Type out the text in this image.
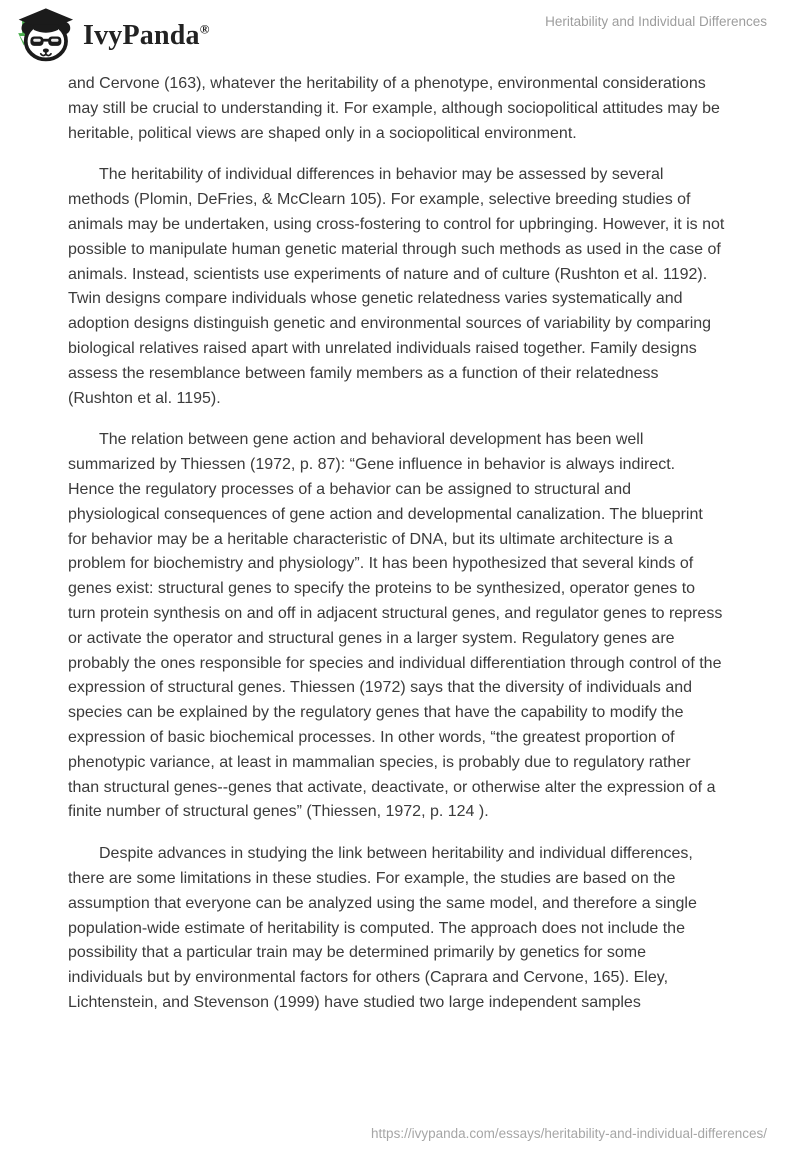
IvyPanda®	Heritability and Individual Differences

and Cervone (163), whatever the heritability of a phenotype, environmental considerations may still be crucial to understanding it. For example, although sociopolitical attitudes may be heritable, political views are shaped only in a sociopolitical environment.

The heritability of individual differences in behavior may be assessed by several methods (Plomin, DeFries, & McClearn 105). For example, selective breeding studies of animals may be undertaken, using cross-fostering to control for upbringing. However, it is not possible to manipulate human genetic material through such methods as used in the case of animals. Instead, scientists use experiments of nature and of culture (Rushton et al. 1192). Twin designs compare individuals whose genetic relatedness varies systematically and adoption designs distinguish genetic and environmental sources of variability by comparing biological relatives raised apart with unrelated individuals raised together. Family designs assess the resemblance between family members as a function of their relatedness (Rushton et al. 1195).

The relation between gene action and behavioral development has been well summarized by Thiessen (1972, p. 87): “Gene influence in behavior is always indirect. Hence the regulatory processes of a behavior can be assigned to structural and physiological consequences of gene action and developmental canalization. The blueprint for behavior may be a heritable characteristic of DNA, but its ultimate architecture is a problem for biochemistry and physiology”. It has been hypothesized that several kinds of genes exist: structural genes to specify the proteins to be synthesized, operator genes to turn protein synthesis on and off in adjacent structural genes, and regulator genes to repress or activate the operator and structural genes in a larger system. Regulatory genes are probably the ones responsible for species and individual differentiation through control of the expression of structural genes. Thiessen (1972) says that the diversity of individuals and species can be explained by the regulatory genes that have the capability to modify the expression of basic biochemical processes. In other words, “the greatest proportion of phenotypic variance, at least in mammalian species, is probably due to regulatory rather than structural genes--genes that activate, deactivate, or otherwise alter the expression of a finite number of structural genes” (Thiessen, 1972, p. 124 ).

Despite advances in studying the link between heritability and individual differences, there are some limitations in these studies. For example, the studies are based on the assumption that everyone can be analyzed using the same model, and therefore a single population-wide estimate of heritability is computed. The approach does not include the possibility that a particular train may be determined primarily by genetics for some individuals but by environmental factors for others (Caprara and Cervone, 165). Eley, Lichtenstein, and Stevenson (1999) have studied two large independent samples

https://ivypanda.com/essays/heritability-and-individual-differences/
